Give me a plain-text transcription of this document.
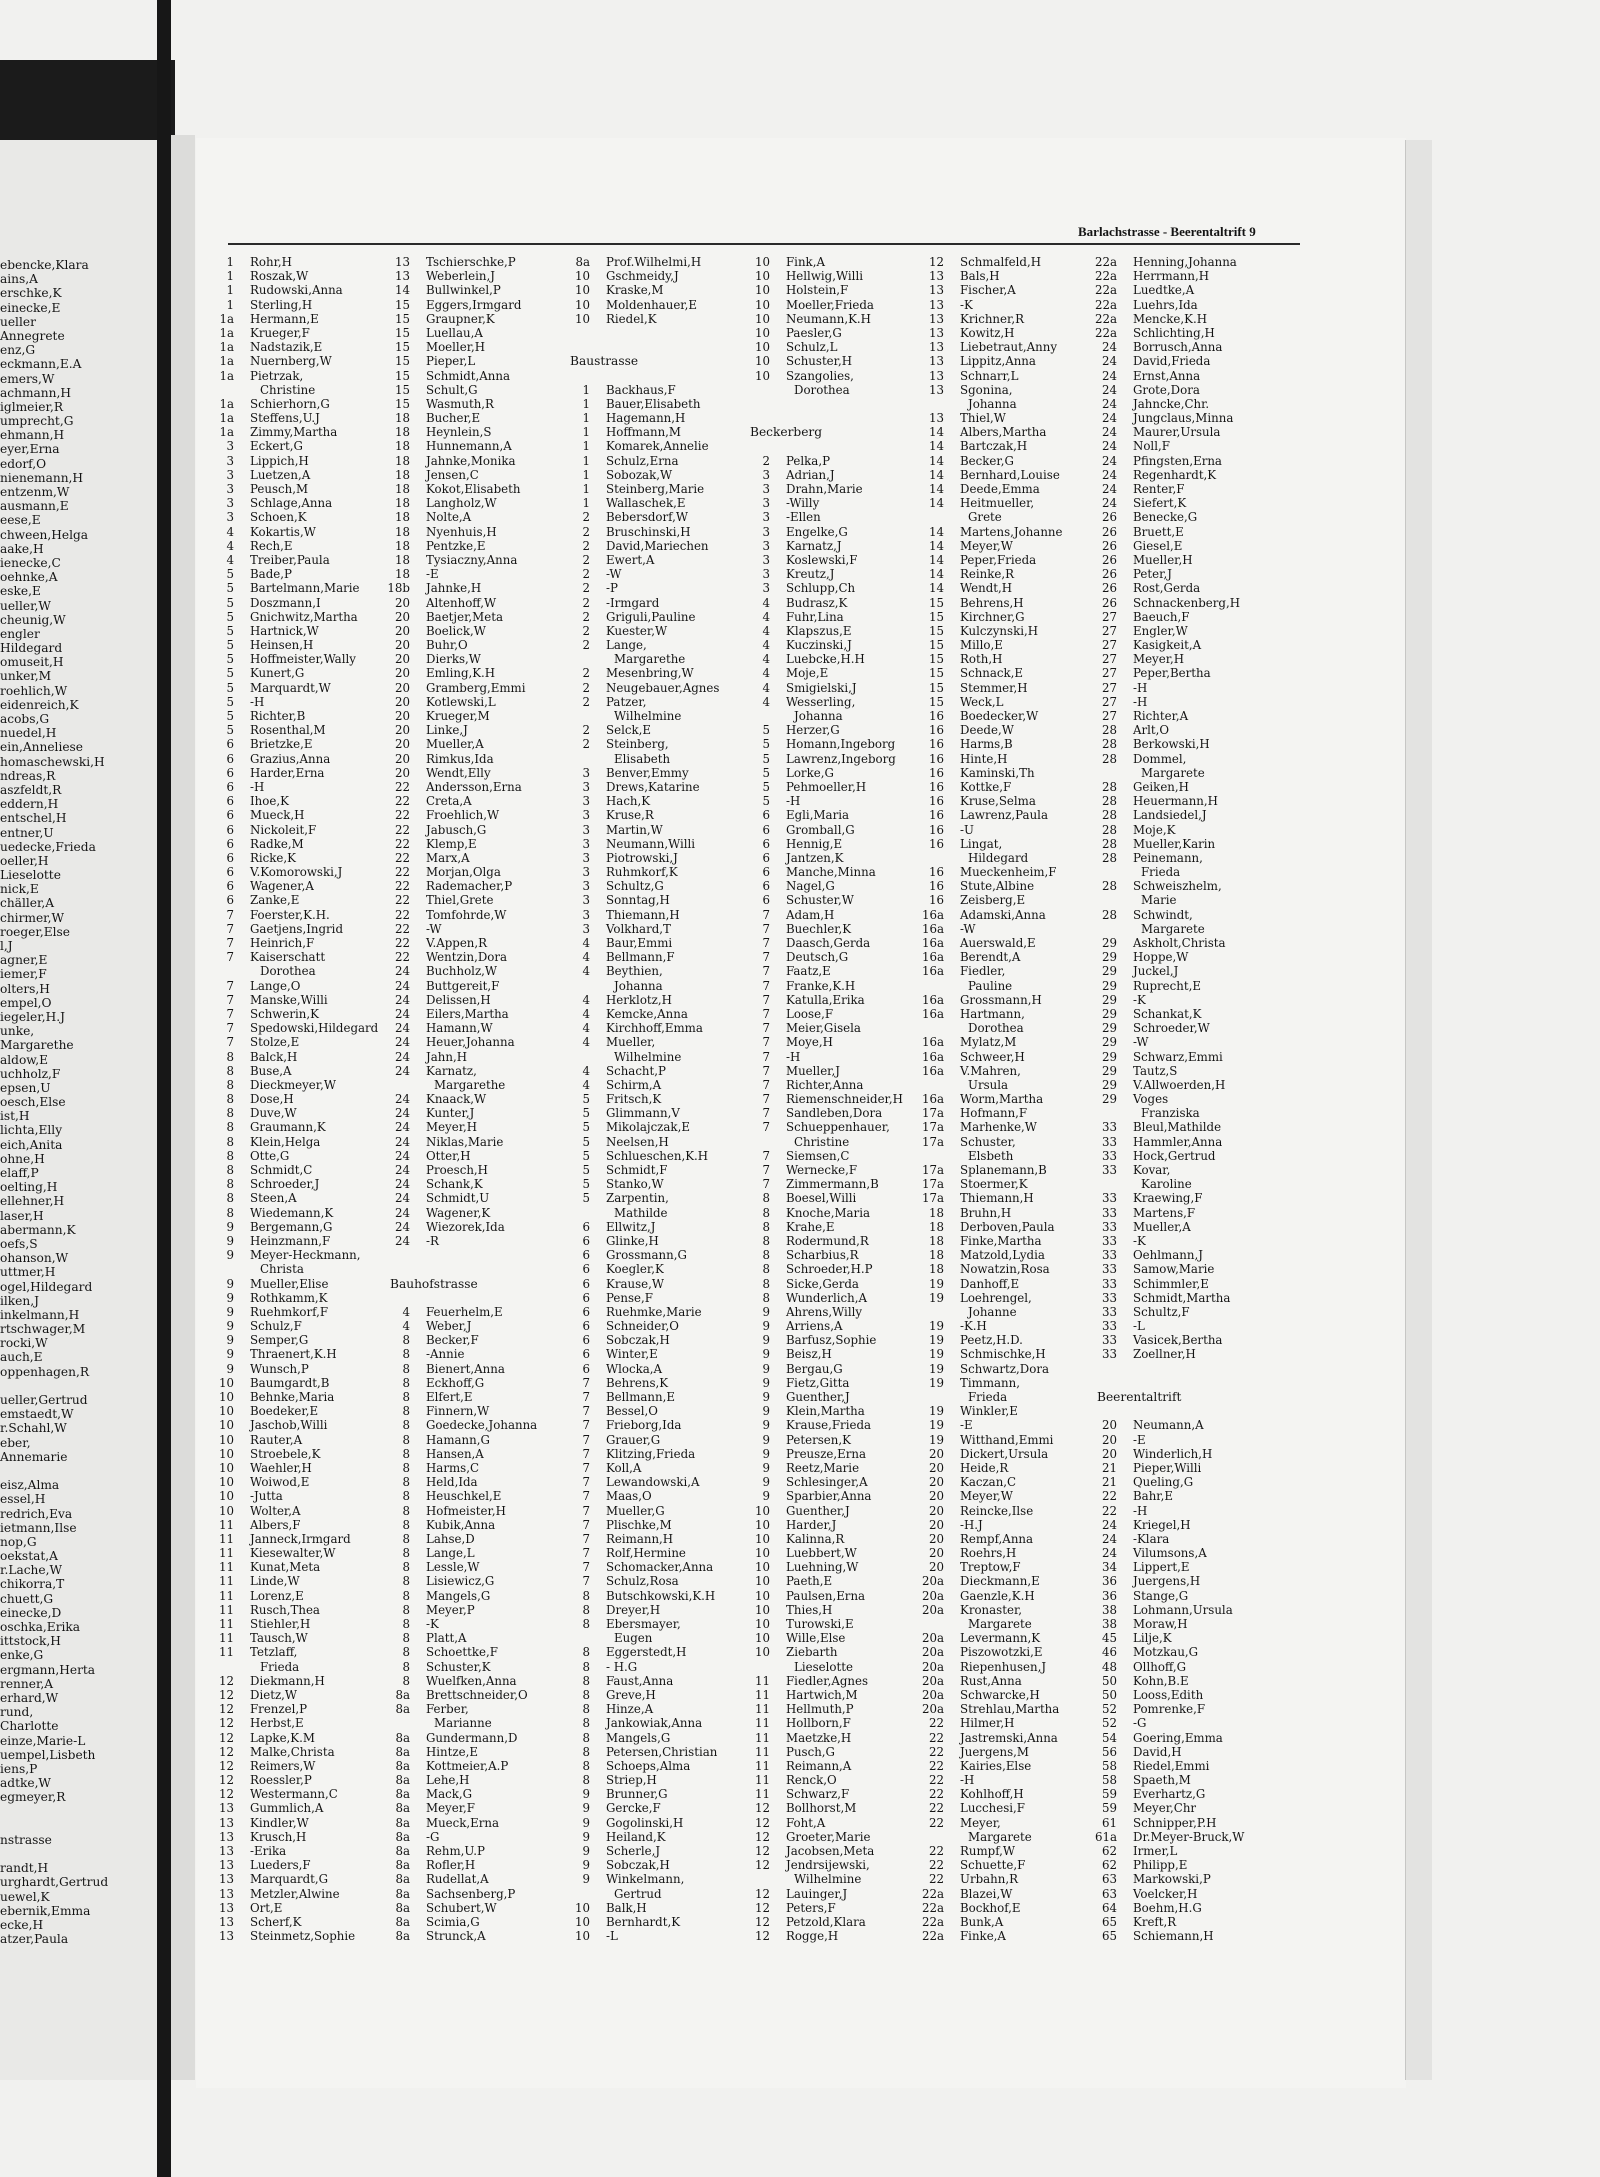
ebencke,Klara
ains,A
erschke,K
einecke,E
ueller
Annegrete
enz,G
eckmann,E.A
emers,W
achmann,H
iglmeier,R
umprecht,G
ehmann,H
eyer,Erna
edorf,O
nienemann,H
entzenm,W
ausmann,E
eese,E
chween,Helga
aake,H
ienecke,C
oehnke,A
eske,E
ueller,W
cheunig,W
engler
Hildegard
omuseit,H
unker,M
roehlich,W
eidenreich,K
acobs,G
nuedel,H
ein,Anneliese
homaschewski,H
ndreas,R
aszfeldt,R
eddern,H
entschel,H
entner,U
uedecke,Frieda
oeller,H
Lieselotte
nick,E
chäller,A
chirmer,W
roeger,Else
l,J
agner,E
iemer,F
olters,H
empel,O
iegeler,H.J
unke,
Margarethe
aldow,E
uchholz,F
epsen,U
oesch,Else
ist,H
lichta,Elly
eich,Anita
ohne,H
elaff,P
oelting,H
ellehner,H
laser,H
abermann,K
oefs,S
ohanson,W
uttmer,H
ogel,Hildegard
ilken,J
inkelmann,H
rtschwager,M
rocki,W
auch,E
oppenhagen,R
ueller,Gertrud
emstaedt,W
r.Schahl,W
eber,
Annemarie
eisz,Alma
essel,H
redrich,Eva
ietmann,Ilse
nop,G
oekstat,A
r.Lache,W
chikorra,T
chuett,G
einecke,D
oschka,Erika
ittstock,H
enke,G
ergmann,Herta
renner,A
erhard,W
rund,
Charlotte
einze,Marie-L
uempel,Lisbeth
iens,P
adtke,W
egmeyer,R
nstrasse
randt,H
urghardt,Gertrud
uewel,K
ebernik,Emma
ecke,H
atzer,Paula
Barlachstrasse - Beerentaltrift 9
1 Rohr,H
1 Roszak,W
1 Rudowski,Anna
1 Sterling,H
1a Hermann,E
1a Krueger,F
1a Nadstazik,E
1a Nuernberg,W
1a Pietrzak,
Christine
1a Schierhorn,G
1a Steffens,U.J
1a Zimmy,Martha
3 Eckert,G
3 Lippich,H
3 Luetzen,A
3 Peusch,M
3 Schlage,Anna
3 Schoen,K
4 Kokartis,W
4 Rech,E
4 Treiber,Paula
5 Bade,P
5 Bartelmann,Marie
5 Doszmann,I
5 Gnichwitz,Martha
5 Hartnick,W
5 Heinsen,H
5 Hoffmeister,Wally
5 Kunert,G
5 Marquardt,W
5 -H
5 Richter,B
5 Rosenthal,M
6 Brietzke,E
6 Grazius,Anna
6 Harder,Erna
6 -H
6 Ihoe,K
6 Mueck,H
6 Nickoleit,F
6 Radke,M
6 Ricke,K
6 V.Komorowski,J
6 Wagener,A
6 Zanke,E
7 Foerster,K.H.
7 Gaetjens,Ingrid
7 Heinrich,F
7 Kaiserschatt
Dorothea
7 Lange,O
7 Manske,Willi
7 Schwerin,K
7 Spedowski,Hildegard
7 Stolze,E
8 Balck,H
8 Buse,A
8 Dieckmeyer,W
8 Dose,H
8 Duve,W
8 Graumann,K
8 Klein,Helga
8 Otte,G
8 Schmidt,C
8 Schroeder,J
8 Steen,A
8 Wiedemann,K
9 Bergemann,G
9 Heinzmann,F
9 Meyer-Heckmann,
Christa
9 Mueller,Elise
9 Rothkamm,K
9 Ruehmkorf,F
9 Schulz,F
9 Semper,G
9 Thraenert,K.H
9 Wunsch,P
10 Baumgardt,B
10 Behnke,Maria
10 Boedeker,E
10 Jaschob,Willi
10 Rauter,A
10 Stroebele,K
10 Waehler,H
10 Woiwod,E
10 -Jutta
10 Wolter,A
11 Albers,F
11 Janneck,Irmgard
11 Kiesewalter,W
11 Kunat,Meta
11 Linde,W
11 Lorenz,E
11 Rusch,Thea
11 Stiehler,H
11 Tausch,W
11 Tetzlaff,
Frieda
12 Diekmann,H
12 Dietz,W
12 Frenzel,P
12 Herbst,E
12 Lapke,K.M
12 Malke,Christa
12 Reimers,W
12 Roessler,P
12 Westermann,C
13 Gummlich,A
13 Kindler,W
13 Krusch,H
13 -Erika
13 Lueders,F
13 Marquardt,G
13 Metzler,Alwine
13 Ort,E
13 Scherf,K
13 Steinmetz,Sophie
13 Tschierschke,P
13 Weberlein,J
14 Bullwinkel,P
15 Eggers,Irmgard
15 Graupner,K
15 Luellau,A
15 Moeller,H
15 Pieper,L
15 Schmidt,Anna
15 Schult,G
15 Wasmuth,R
18 Bucher,E
18 Heynlein,S
18 Hunnemann,A
18 Jahnke,Monika
18 Jensen,C
18 Kokot,Elisabeth
18 Langholz,W
18 Nolte,A
18 Nyenhuis,H
18 Pentzke,E
18 Tysiaczny,Anna
18 -E
18b Jahnke,H
20 Altenhoff,W
20 Baetjer,Meta
20 Boelick,W
20 Buhr,O
20 Dierks,W
20 Emling,K.H
20 Gramberg,Emmi
20 Kotlewski,L
20 Krueger,M
20 Linke,J
20 Mueller,A
20 Rimkus,Ida
20 Wendt,Elly
22 Andersson,Erna
22 Creta,A
22 Froehlich,W
22 Jabusch,G
22 Klemp,E
22 Marx,A
22 Morjan,Olga
22 Rademacher,P
22 Thiel,Grete
22 Tomfohrde,W
22 -W
22 V.Appen,R
22 Wentzin,Dora
24 Buchholz,W
24 Buttgereit,F
24 Delissen,H
24 Eilers,Martha
24 Hamann,W
24 Heuer,Johanna
24 Jahn,H
24 Karnatz,
Margarethe
24 Knaack,W
24 Kunter,J
24 Meyer,H
24 Niklas,Marie
24 Otter,H
24 Proesch,H
24 Schank,K
24 Schmidt,U
24 Wagener,K
24 Wiezorek,Ida
24 -R
Bauhofstrasse
4 Feuerhelm,E
4 Weber,J
8 Becker,F
8 -Annie
8 Bienert,Anna
8 Eckhoff,G
8 Elfert,E
8 Finnern,W
8 Goedecke,Johanna
8 Hamann,G
8 Hansen,A
8 Harms,C
8 Held,Ida
8 Heuschkel,E
8 Hofmeister,H
8 Kubik,Anna
8 Lahse,D
8 Lange,L
8 Lessle,W
8 Lisiewicz,G
8 Mangels,G
8 Meyer,P
8 -K
8 Platt,A
8 Schoettke,F
8 Schuster,K
8 Wuelfken,Anna
8a Brettschneider,O
8a Ferber,
Marianne
8a Gundermann,D
8a Hintze,E
8a Kottmeier,A.P
8a Lehe,H
8a Mack,G
8a Meyer,F
8a Mueck,Erna
8a -G
8a Rehm,U.P
8a Rofler,H
8a Rudellat,A
8a Sachsenberg,P
8a Schubert,W
8a Scimia,G
8a Strunck,A
8a Prof.Wilhelmi,H
10 Gschmeidy,J
10 Kraske,M
10 Moldenhauer,E
10 Riedel,K
Baustrasse
1 Backhaus,F
1 Bauer,Elisabeth
1 Hagemann,H
1 Hoffmann,M
1 Komarek,Annelie
1 Schulz,Erna
1 Sobozak,W
1 Steinberg,Marie
1 Wallaschek,E
2 Bebersdorf,W
2 Bruschinski,H
2 David,Mariechen
2 Ewert,A
2 -W
2 -P
2 -Irmgard
2 Griguli,Pauline
2 Kuester,W
2 Lange,
Margarethe
2 Mesenbring,W
2 Neugebauer,Agnes
2 Patzer,
Wilhelmine
2 Selck,E
2 Steinberg,
Elisabeth
3 Benver,Emmy
3 Drews,Katarine
3 Hach,K
3 Kruse,R
3 Martin,W
3 Neumann,Willi
3 Piotrowski,J
3 Ruhmkorf,K
3 Schultz,G
3 Sonntag,H
3 Thiemann,H
3 Volkhard,T
4 Baur,Emmi
4 Bellmann,F
4 Beythien,
Johanna
4 Herklotz,H
4 Kemcke,Anna
4 Kirchhoff,Emma
4 Mueller,
Wilhelmine
4 Schacht,P
4 Schirm,A
5 Fritsch,K
5 Glimmann,V
5 Mikolajczak,E
5 Neelsen,H
5 Schlueschen,K.H
5 Schmidt,F
5 Stanko,W
5 Zarpentin,
Mathilde
6 Ellwitz,J
6 Glinke,H
6 Grossmann,G
6 Koegler,K
6 Krause,W
6 Pense,F
6 Ruehmke,Marie
6 Schneider,O
6 Sobczak,H
6 Winter,E
6 Wlocka,A
7 Behrens,K
7 Bellmann,E
7 Bessel,O
7 Frieborg,Ida
7 Grauer,G
7 Klitzing,Frieda
7 Koll,A
7 Lewandowski,A
7 Maas,O
7 Mueller,G
7 Plischke,M
7 Reimann,H
7 Rolf,Hermine
7 Schomacker,Anna
7 Schulz,Rosa
8 Butschkowski,K.H
8 Dreyer,H
8 Ebersmayer,
Eugen
8 Eggerstedt,H
8 - H.G
8 Faust,Anna
8 Greve,H
8 Hinze,A
8 Jankowiak,Anna
8 Mangels,G
8 Petersen,Christian
8 Schoeps,Alma
8 Striep,H
9 Brunner,G
9 Gercke,F
9 Gogolinski,H
9 Heiland,K
9 Scherle,J
9 Sobczak,H
9 Winkelmann,
Gertrud
10 Balk,H
10 Bernhardt,K
10 -L
10 Fink,A
10 Hellwig,Willi
10 Holstein,F
10 Moeller,Frieda
10 Neumann,K.H
10 Paesler,G
10 Schulz,L
10 Schuster,H
10 Szangolies,
Dorothea
Beckerberg
2 Pelka,P
3 Adrian,J
3 Drahn,Marie
3 -Willy
3 -Ellen
3 Engelke,G
3 Karnatz,J
3 Koslewski,F
3 Kreutz,J
3 Schlupp,Ch
4 Budrasz,K
4 Fuhr,Lina
4 Klapszus,E
4 Kuczinski,J
4 Luebcke,H.H
4 Moje,E
4 Smigielski,J
4 Wesserling,
Johanna
5 Herzer,G
5 Homann,Ingeborg
5 Lawrenz,Ingeborg
5 Lorke,G
5 Pehmoeller,H
5 -H
6 Egli,Maria
6 Gromball,G
6 Hennig,E
6 Jantzen,K
6 Manche,Minna
6 Nagel,G
6 Schuster,W
7 Adam,H
7 Buechler,K
7 Daasch,Gerda
7 Deutsch,G
7 Faatz,E
7 Franke,K.H
7 Katulla,Erika
7 Loose,F
7 Meier,Gisela
7 Moye,H
7 -H
7 Mueller,J
7 Richter,Anna
7 Riemenschneider,H
7 Sandleben,Dora
7 Schueppenhauer,
Christine
7 Siemsen,C
7 Wernecke,F
7 Zimmermann,B
8 Boesel,Willi
8 Knoche,Maria
8 Krahe,E
8 Rodermund,R
8 Scharbius,R
8 Schroeder,H.P
8 Sicke,Gerda
8 Wunderlich,A
9 Ahrens,Willy
9 Arriens,A
9 Barfusz,Sophie
9 Beisz,H
9 Bergau,G
9 Fietz,Gitta
9 Guenther,J
9 Klein,Martha
9 Krause,Frieda
9 Petersen,K
9 Preusze,Erna
9 Reetz,Marie
9 Schlesinger,A
9 Sparbier,Anna
10 Guenther,J
10 Harder,J
10 Kalinna,R
10 Luebbert,W
10 Luehning,W
10 Paeth,E
10 Paulsen,Erna
10 Thies,H
10 Turowski,E
10 Wille,Else
10 Ziebarth
Lieselotte
11 Fiedler,Agnes
11 Hartwich,M
11 Hellmuth,P
11 Hollborn,F
11 Maetzke,H
11 Pusch,G
11 Reimann,A
11 Renck,O
11 Schwarz,F
12 Bollhorst,M
12 Foht,A
12 Groeter,Marie
12 Jacobsen,Meta
12 Jendrsijewski,
Wilhelmine
12 Lauinger,J
12 Peters,F
12 Petzold,Klara
12 Rogge,H
12 Schmalfeld,H
13 Bals,H
13 Fischer,A
13 -K
13 Krichner,R
13 Kowitz,H
13 Liebetraut,Anny
13 Lippitz,Anna
13 Schnarr,L
13 Sgonina,
Johanna
13 Thiel,W
14 Albers,Martha
14 Bartczak,H
14 Becker,G
14 Bernhard,Louise
14 Deede,Emma
14 Heitmueller,
Grete
14 Martens,Johanne
14 Meyer,W
14 Peper,Frieda
14 Reinke,R
14 Wendt,H
15 Behrens,H
15 Kirchner,G
15 Kulczynski,H
15 Millo,E
15 Roth,H
15 Schnack,E
15 Stemmer,H
15 Weck,L
16 Boedecker,W
16 Deede,W
16 Harms,B
16 Hinte,H
16 Kaminski,Th
16 Kottke,F
16 Kruse,Selma
16 Lawrenz,Paula
16 -U
16 Lingat,
Hildegard
16 Mueckenheim,F
16 Stute,Albine
16 Zeisberg,E
16a Adamski,Anna
16a -W
16a Auerswald,E
16a Berendt,A
16a Fiedler,
Pauline
16a Grossmann,H
16a Hartmann,
Dorothea
16a Mylatz,M
16a Schweer,H
16a V.Mahren,
Ursula
16a Worm,Martha
17a Hofmann,F
17a Marhenke,W
17a Schuster,
Elsbeth
17a Splanemann,B
17a Stoermer,K
17a Thiemann,H
18 Bruhn,H
18 Derboven,Paula
18 Finke,Martha
18 Matzold,Lydia
18 Nowatzin,Rosa
19 Danhoff,E
19 Loehrengel,
Johanne
19 -K.H
19 Peetz,H.D.
19 Schmischke,H
19 Schwartz,Dora
19 Timmann,
Frieda
19 Winkler,E
19 -E
19 Witthand,Emmi
20 Dickert,Ursula
20 Heide,R
20 Kaczan,C
20 Meyer,W
20 Reincke,Ilse
20 -H.J
20 Rempf,Anna
20 Roehrs,H
20 Treptow,F
20a Dieckmann,E
20a Gaenzle,K.H
20a Kronaster,
Margarete
20a Levermann,K
20a Piszowotzki,E
20a Riepenhusen,J
20a Rust,Anna
20a Schwarcke,H
20a Strehlau,Martha
22 Hilmer,H
22 Jastremski,Anna
22 Juergens,M
22 Kairies,Else
22 -H
22 Kohlhoff,H
22 Lucchesi,F
22 Meyer,
Margarete
22 Rumpf,W
22 Schuette,F
22 Urbahn,R
22a Blazei,W
22a Bockhof,E
22a Bunk,A
22a Finke,A
22a Henning,Johanna
22a Herrmann,H
22a Luedtke,A
22a Luehrs,Ida
22a Mencke,K.H
22a Schlichting,H
24 Borrusch,Anna
24 David,Frieda
24 Ernst,Anna
24 Grote,Dora
24 Jahncke,Chr.
24 Jungclaus,Minna
24 Maurer,Ursula
24 Noll,F
24 Pfingsten,Erna
24 Regenhardt,K
24 Renter,F
24 Siefert,K
26 Benecke,G
26 Bruett,E
26 Giesel,E
26 Mueller,H
26 Peter,J
26 Rost,Gerda
26 Schnackenberg,H
27 Baeuch,F
27 Engler,W
27 Kasigkeit,A
27 Meyer,H
27 Peper,Bertha
27 -H
27 -H
27 Richter,A
28 Arlt,O
28 Berkowski,H
28 Dommel,
Margarete
28 Geiken,H
28 Heuermann,H
28 Landsiedel,J
28 Moje,K
28 Mueller,Karin
28 Peinemann,
Frieda
28 Schweiszhelm,
Marie
28 Schwindt,
Margarete
29 Askholt,Christa
29 Hoppe,W
29 Juckel,J
29 Ruprecht,E
29 -K
29 Schankat,K
29 Schroeder,W
29 -W
29 Schwarz,Emmi
29 Tautz,S
29 V.Allwoerden,H
29 Voges
Franziska
33 Bleul,Mathilde
33 Hammler,Anna
33 Hock,Gertrud
33 Kovar,
Karoline
33 Kraewing,F
33 Martens,F
33 Mueller,A
33 -K
33 Oehlmann,J
33 Samow,Marie
33 Schimmler,E
33 Schmidt,Martha
33 Schultz,F
33 -L
33 Vasicek,Bertha
33 Zoellner,H
Beerentaltrift
20 Neumann,A
20 -E
20 Winderlich,H
21 Pieper,Willi
21 Queling,G
22 Bahr,E
22 -H
24 Kriegel,H
24 -Klara
24 Vilumsons,A
34 Lippert,E
36 Juergens,H
36 Stange,G
38 Lohmann,Ursula
38 Moraw,H
45 Lilje,K
46 Motzkau,G
48 Ollhoff,G
50 Kohn,B.E
50 Looss,Edith
52 Pomrenke,F
52 -G
54 Goering,Emma
56 David,H
58 Riedel,Emmi
58 Spaeth,M
59 Everhartz,G
59 Meyer,Chr
61 Schnipper,P.H
61a Dr.Meyer-Bruck,W
62 Irmer,L
62 Philipp,E
63 Markowski,P
63 Voelcker,H
64 Boehm,H.G
65 Kreft,R
65 Schiemann,H
